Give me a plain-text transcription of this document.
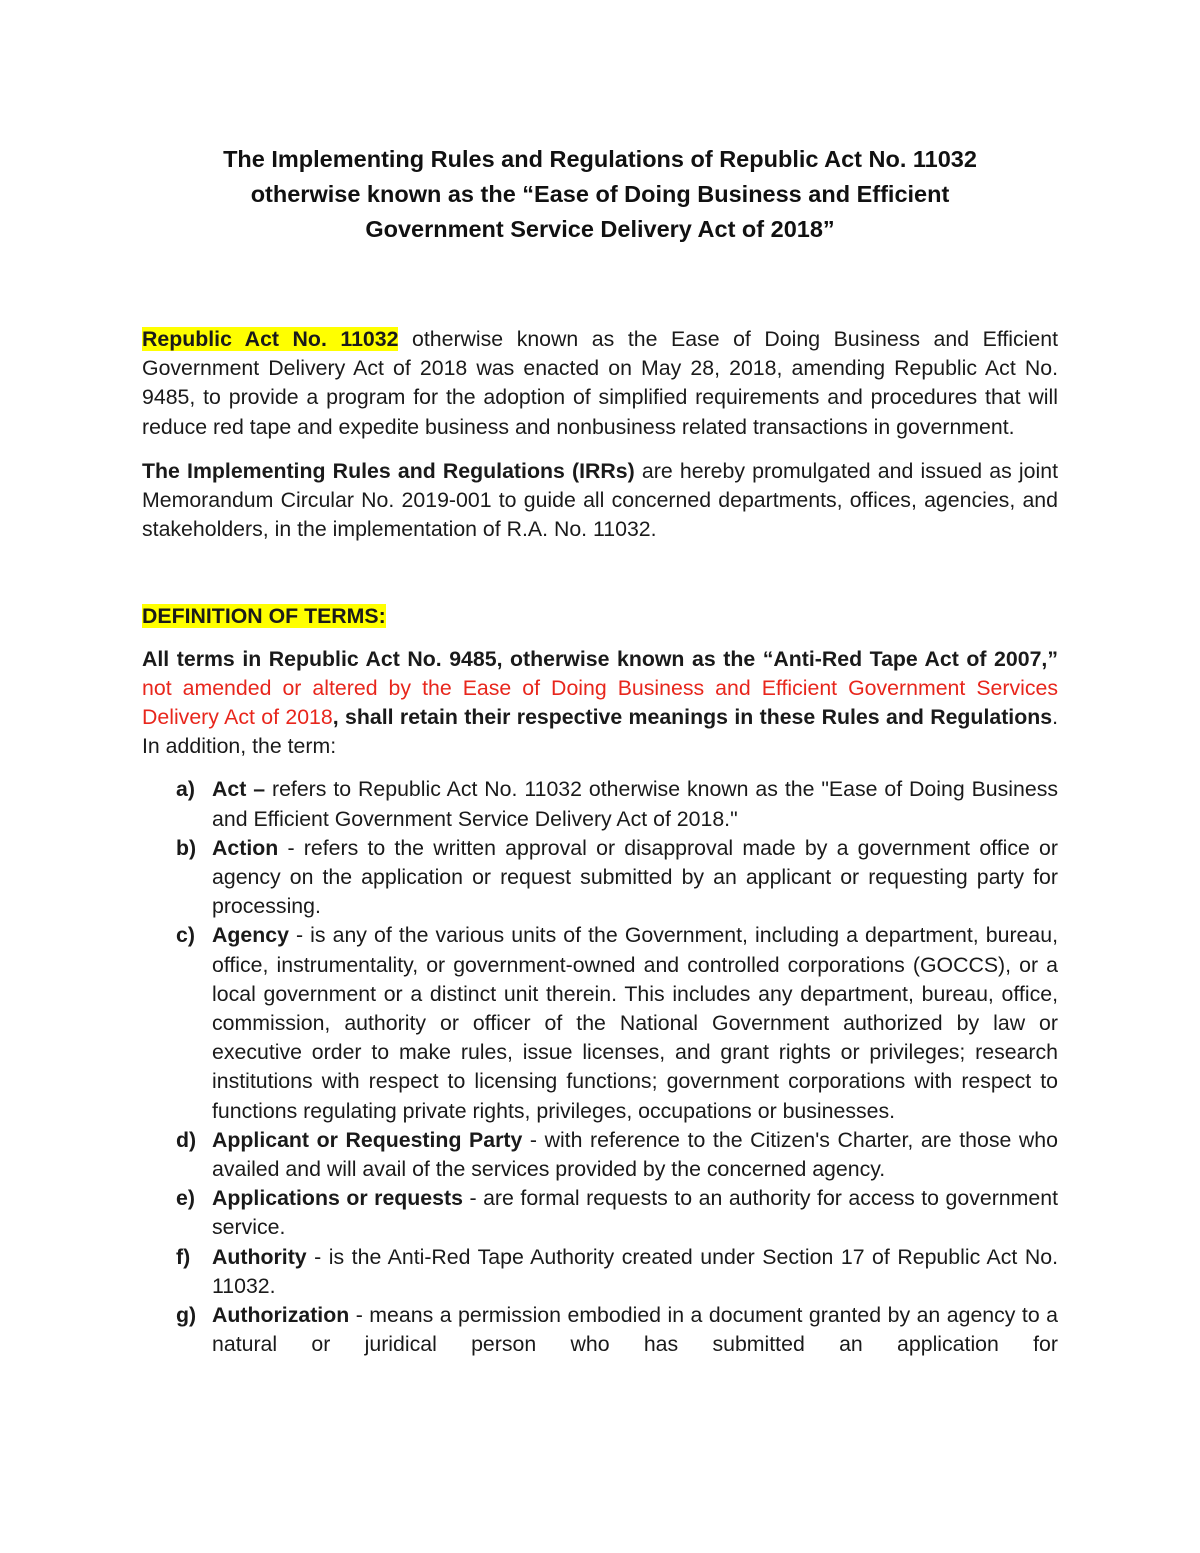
The Implementing Rules and Regulations of Republic Act No. 11032
otherwise known as the “Ease of Doing Business and Efficient
Government Service Delivery Act of 2018”

Republic Act No. 11032 otherwise known as the Ease of Doing Business and Efficient Government Delivery Act of 2018 was enacted on May 28, 2018, amending Republic Act No. 9485, to provide a program for the adoption of simplified requirements and procedures that will reduce red tape and expedite business and nonbusiness related transactions in government.

The Implementing Rules and Regulations (IRRs) are hereby promulgated and issued as joint Memorandum Circular No. 2019-001 to guide all concerned departments, offices, agencies, and stakeholders, in the implementation of R.A. No. 11032.

DEFINITION OF TERMS:

All terms in Republic Act No. 9485, otherwise known as the “Anti-Red Tape Act of 2007,” not amended or altered by the Ease of Doing Business and Efficient Government Services Delivery Act of 2018, shall retain their respective meanings in these Rules and Regulations. In addition, the term:

a) Act – refers to Republic Act No. 11032 otherwise known as the "Ease of Doing Business and Efficient Government Service Delivery Act of 2018."
b) Action - refers to the written approval or disapproval made by a government office or agency on the application or request submitted by an applicant or requesting party for processing.
c) Agency - is any of the various units of the Government, including a department, bureau, office, instrumentality, or government-owned and controlled corporations (GOCCS), or a local government or a distinct unit therein. This includes any department, bureau, office, commission, authority or officer of the National Government authorized by law or executive order to make rules, issue licenses, and grant rights or privileges; research institutions with respect to licensing functions; government corporations with respect to functions regulating private rights, privileges, occupations or businesses.
d) Applicant or Requesting Party - with reference to the Citizen's Charter, are those who availed and will avail of the services provided by the concerned agency.
e) Applications or requests - are formal requests to an authority for access to government service.
f) Authority - is the Anti-Red Tape Authority created under Section 17 of Republic Act No. 11032.
g) Authorization - means a permission embodied in a document granted by an agency to a natural or juridical person who has submitted an application for
